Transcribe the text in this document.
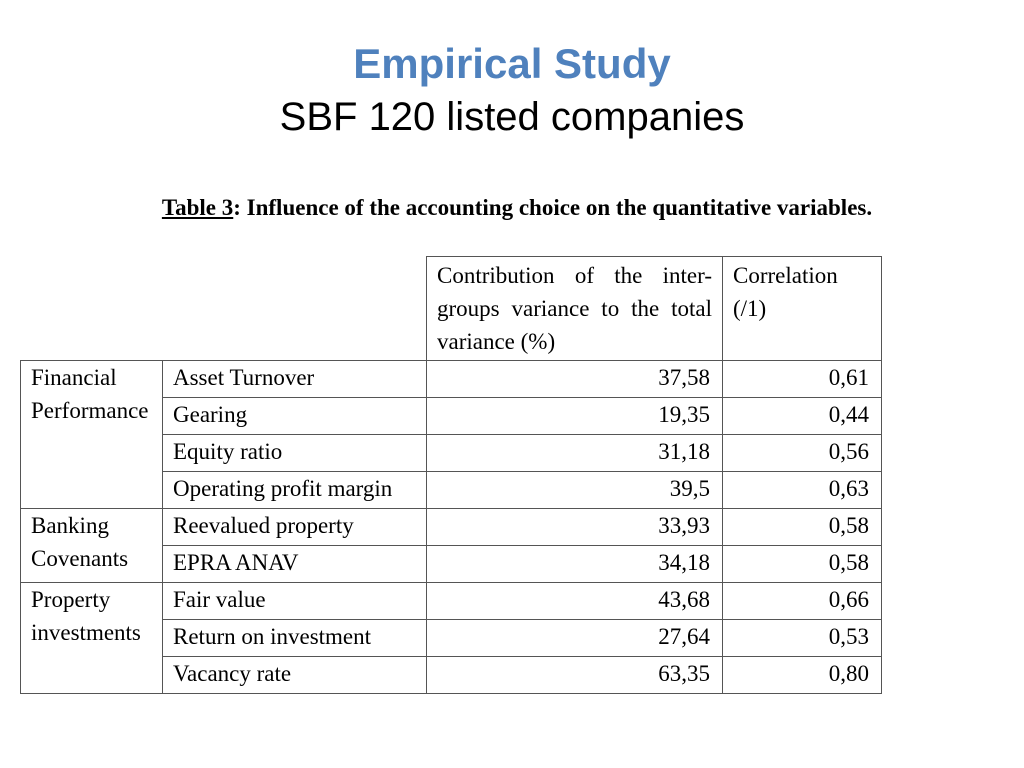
Empirical Study
SBF 120 listed companies
Table 3: Influence of the accounting choice on the quantitative variables.
		Contribution of the inter-groups variance to the total variance (%)	Correlation (/1)
Financial Performance	Asset Turnover	37,58	0,61
	Gearing	19,35	0,44
	Equity ratio	31,18	0,56
	Operating profit margin	39,5	0,63
Banking Covenants	Reevalued property	33,93	0,58
	EPRA ANAV	34,18	0,58
Property investments	Fair value	43,68	0,66
	Return on investment	27,64	0,53
	Vacancy rate	63,35	0,80
